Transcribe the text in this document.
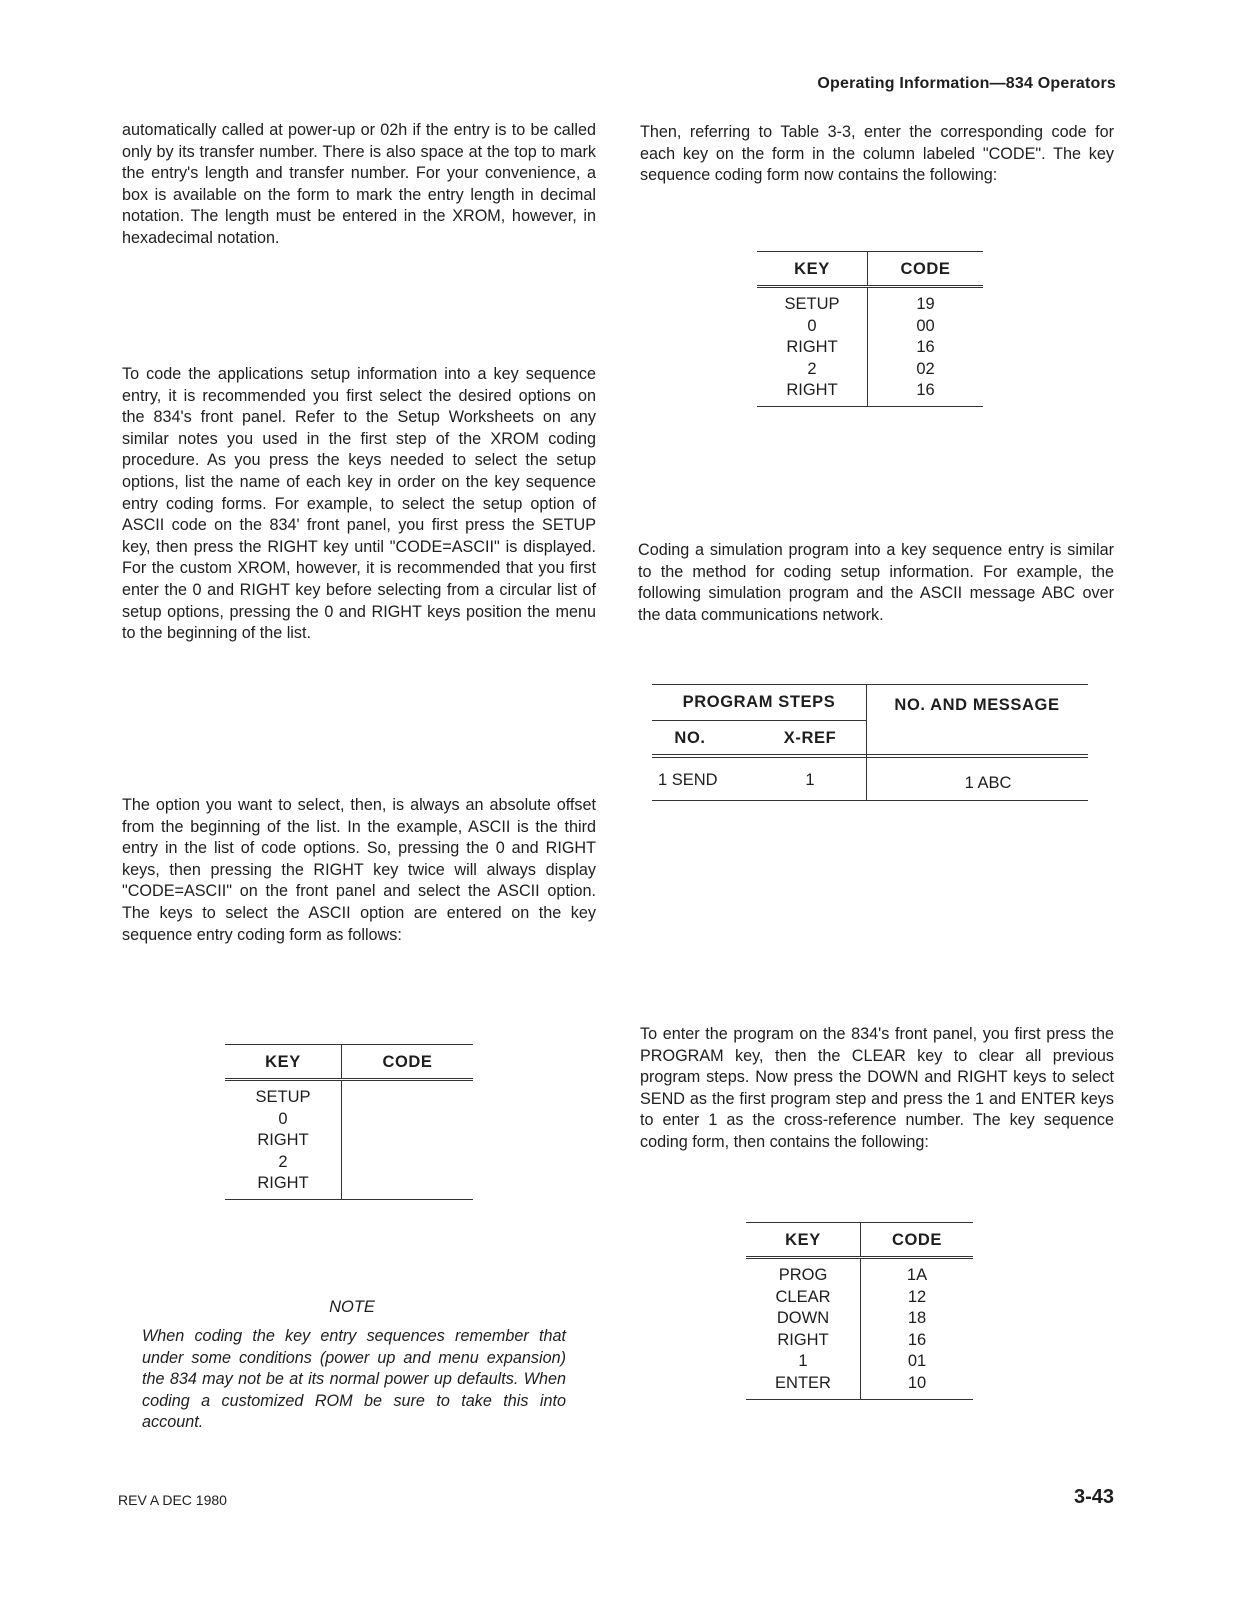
Operating Information—834 Operators

automatically called at power-up or 02h if the entry is to be called only by its transfer number. There is also space at the top to mark the entry's length and transfer number. For your convenience, a box is available on the form to mark the entry length in decimal notation. The length must be entered in the XROM, however, in hexadecimal notation.

To code the applications setup information into a key sequence entry, it is recommended you first select the desired options on the 834's front panel. Refer to the Setup Worksheets on any similar notes you used in the first step of the XROM coding procedure. As you press the keys needed to select the setup options, list the name of each key in order on the key sequence entry coding forms. For example, to select the setup option of ASCII code on the 834' front panel, you first press the SETUP key, then press the RIGHT key until "CODE=ASCII" is displayed. For the custom XROM, however, it is recommended that you first enter the 0 and RIGHT key before selecting from a circular list of setup options, pressing the 0 and RIGHT keys position the menu to the beginning of the list.

The option you want to select, then, is always an absolute offset from the beginning of the list. In the example, ASCII is the third entry in the list of code options. So, pressing the 0 and RIGHT keys, then pressing the RIGHT key twice will always display "CODE=ASCII" on the front panel and select the ASCII option. The keys to select the ASCII option are entered on the key sequence entry coding form as follows:

KEY	CODE
SETUP	
0	
RIGHT	
2	
RIGHT	
NOTE

When coding the key entry sequences remember that under some conditions (power up and menu expansion) the 834 may not be at its normal power up defaults. When coding a customized ROM be sure to take this into account.

Then, referring to Table 3-3, enter the corresponding code for each key on the form in the column labeled "CODE". The key sequence coding form now contains the following:

KEY	CODE
SETUP	19
0	00
RIGHT	16
2	02
RIGHT	16

Coding a simulation program into a key sequence entry is similar to the method for coding setup information. For example, the following simulation program and the ASCII message ABC over the data communications network.

PROGRAM STEPS	NO. AND MESSAGE
NO.	X-REF
1 SEND	1	1 ABC

To enter the program on the 834's front panel, you first press the PROGRAM key, then the CLEAR key to clear all previous program steps. Now press the DOWN and RIGHT keys to select SEND as the first program step and press the 1 and ENTER keys to enter 1 as the cross-reference number. The key sequence coding form, then contains the following:

KEY	CODE
PROG	1A
CLEAR	12
DOWN	18
RIGHT	16
1	01
ENTER	10
REV A DEC 1980	3-43
